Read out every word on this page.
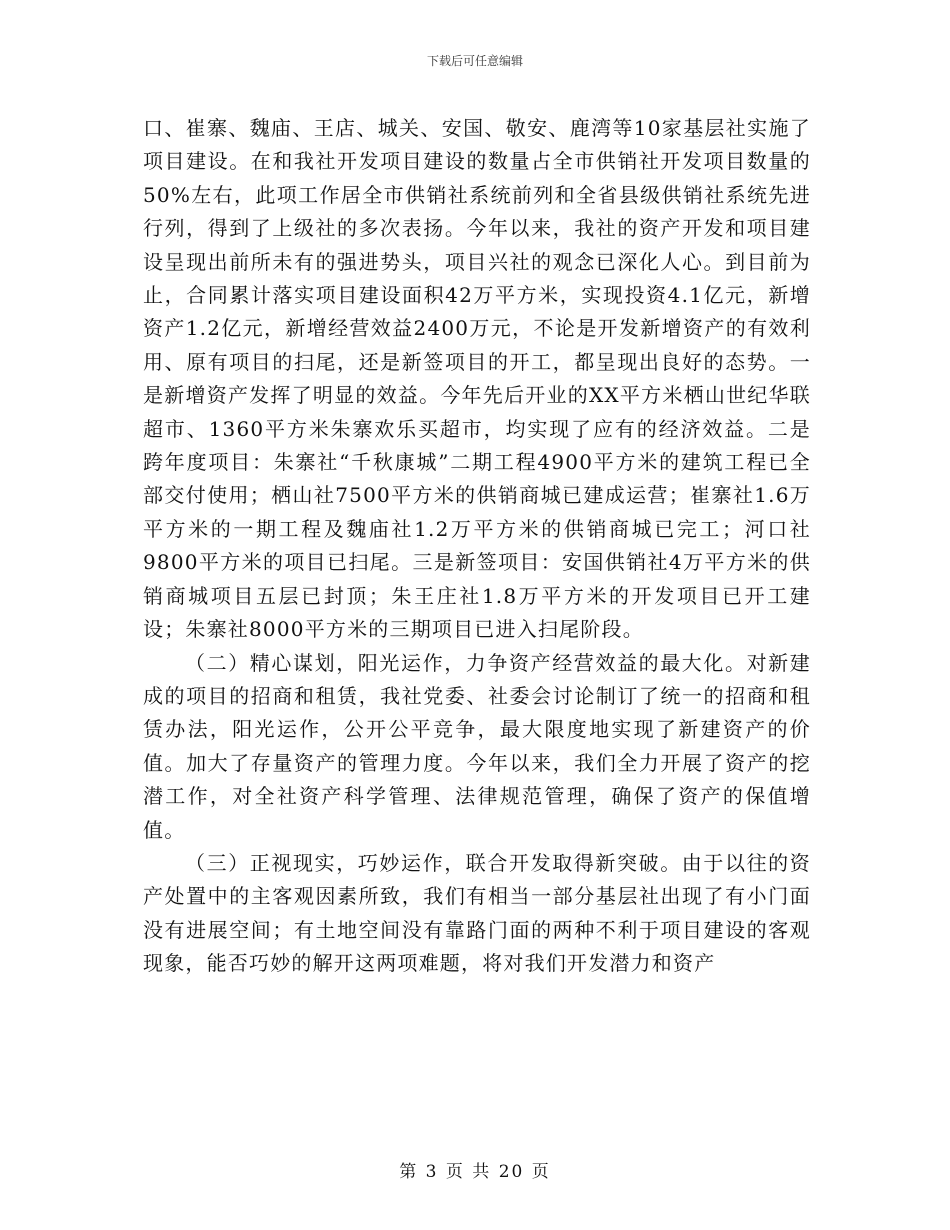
下载后可任意编辑

口、崔寨、魏庙、王店、城关、安国、敬安、鹿湾等10家基层社实施了项目建设。在和我社开发项目建设的数量占全市供销社开发项目数量的50%左右，此项工作居全市供销社系统前列和全省县级供销社系统先进行列，得到了上级社的多次表扬。今年以来，我社的资产开发和项目建设呈现出前所未有的强进势头，项目兴社的观念已深化人心。到目前为止，合同累计落实项目建设面积42万平方米，实现投资4.1亿元，新增资产1.2亿元，新增经营效益2400万元，不论是开发新增资产的有效利用、原有项目的扫尾，还是新签项目的开工，都呈现出良好的态势。一是新增资产发挥了明显的效益。今年先后开业的XX平方米栖山世纪华联超市、1360平方米朱寨欢乐买超市，均实现了应有的经济效益。二是跨年度项目：朱寨社“千秋康城”二期工程4900平方米的建筑工程已全部交付使用；栖山社7500平方米的供销商城已建成运营；崔寨社1.6万平方米的一期工程及魏庙社1.2万平方米的供销商城已完工；河口社9800平方米的项目已扫尾。三是新签项目：安国供销社4万平方米的供销商城项目五层已封顶；朱王庄社1.8万平方米的开发项目已开工建设；朱寨社8000平方米的三期项目已进入扫尾阶段。

（二）精心谋划，阳光运作，力争资产经营效益的最大化。对新建成的项目的招商和租赁，我社党委、社委会讨论制订了统一的招商和租赁办法，阳光运作，公开公平竞争，最大限度地实现了新建资产的价值。加大了存量资产的管理力度。今年以来，我们全力开展了资产的挖潜工作，对全社资产科学管理、法律规范管理，确保了资产的保值增值。

（三）正视现实，巧妙运作，联合开发取得新突破。由于以往的资产处置中的主客观因素所致，我们有相当一部分基层社出现了有小门面没有进展空间；有土地空间没有靠路门面的两种不利于项目建设的客观现象，能否巧妙的解开这两项难题，将对我们开发潜力和资产

第 3 页 共 20 页
